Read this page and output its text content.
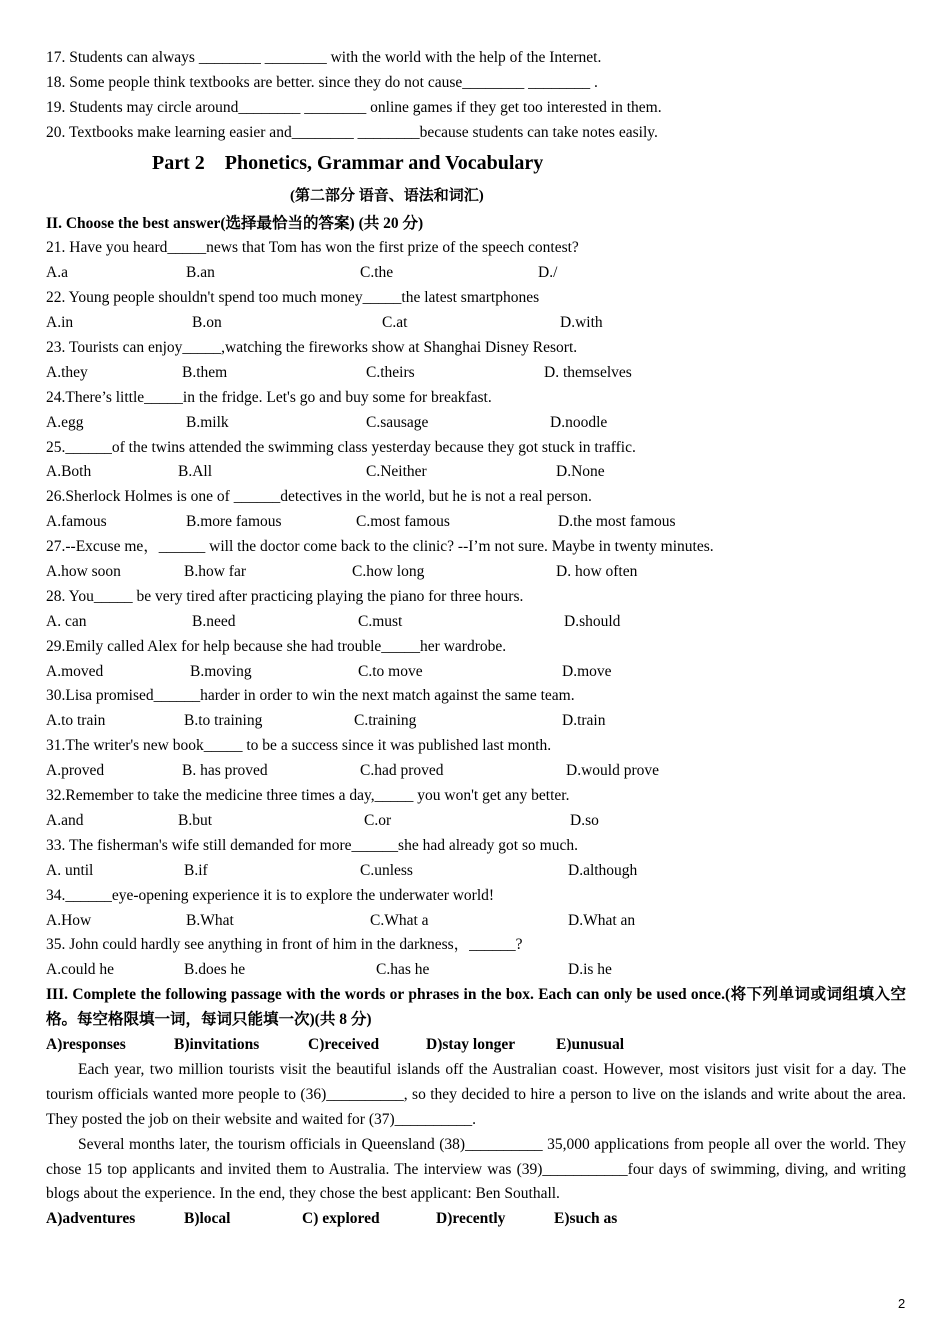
17. Students can always ________ ________ with the world with the help of the Internet.
18. Some people think textbooks are better. since they do not cause________ ________ .
19. Students may circle around________ ________ online games if they get too interested in them.
20. Textbooks make learning easier and________ ________because students can take notes easily.
Part 2    Phonetics, Grammar and Vocabulary
(第二部分 语音、语法和词汇)
II. Choose the best answer(选择最恰当的答案) (共 20 分)
21. Have you heard_____news that Tom has won the first prize of the speech contest?
A.a	B.an	C.the	D./
22. Young people shouldn't spend too much money_____the latest smartphones
A.in	B.on	C.at	D.with
23. Tourists can enjoy_____,watching the fireworks show at Shanghai Disney Resort.
A.they	B.them	C.theirs	D. themselves
24.There’s little_____in the fridge. Let's go and buy some for breakfast.
A.egg	B.milk	C.sausage	D.noodle
25.______of the twins attended the swimming class yesterday because they got stuck in traffic.
A.Both	B.All	C.Neither	D.None
26.Sherlock Holmes is one of ______detectives in the world, but he is not a real person.
A.famous	B.more famous	C.most famous	D.the most famous
27.--Excuse me，______ will the doctor come back to the clinic? --I’m not sure. Maybe in twenty minutes.
A.how soon	B.how far	C.how long	D. how often
28. You_____ be very tired after practicing playing the piano for three hours.
A. can	B.need	C.must	D.should
29.Emily called Alex for help because she had trouble_____her wardrobe.
A.moved	B.moving	C.to move	D.move
30.Lisa promised______harder in order to win the next match against the same team.
A.to train	B.to training	C.training	D.train
31.The writer's new book_____ to be a success since it was published last month.
A.proved	B. has proved	C.had proved	D.would prove
32.Remember to take the medicine three times a day,_____ you won't get any better.
A.and	B.but	C.or	D.so
33. The fisherman's wife still demanded for more______she had already got so much.
A. until	B.if	C.unless	D.although
34.______eye-opening experience it is to explore the underwater world!
A.How	B.What	C.What a	D.What an
35. John could hardly see anything in front of him in the darkness，______?
A.could he	B.does he	C.has he	D.is he
III. Complete the following passage with the words or phrases in the box. Each can only be used once.(将下列单词或词组填入空格。每空格限填一词，每词只能填一次)(共 8 分)
A)responses	B)invitations	C)received	D)stay longer	E)unusual
Each year, two million tourists visit the beautiful islands off the Australian coast. However, most visitors just visit for a day. The tourism officials wanted more people to (36)__________, so they decided to hire a person to live on the islands and write about the area. They posted the job on their website and waited for (37)__________.
Several months later, the tourism officials in Queensland (38)__________ 35,000 applications from people all over the world. They chose 15 top applicants and invited them to Australia. The interview was (39)___________four days of swimming, diving, and writing blogs about the experience. In the end, they chose the best applicant: Ben Southall.
A)adventures	B)local	C) explored	D)recently	E)such as
2
